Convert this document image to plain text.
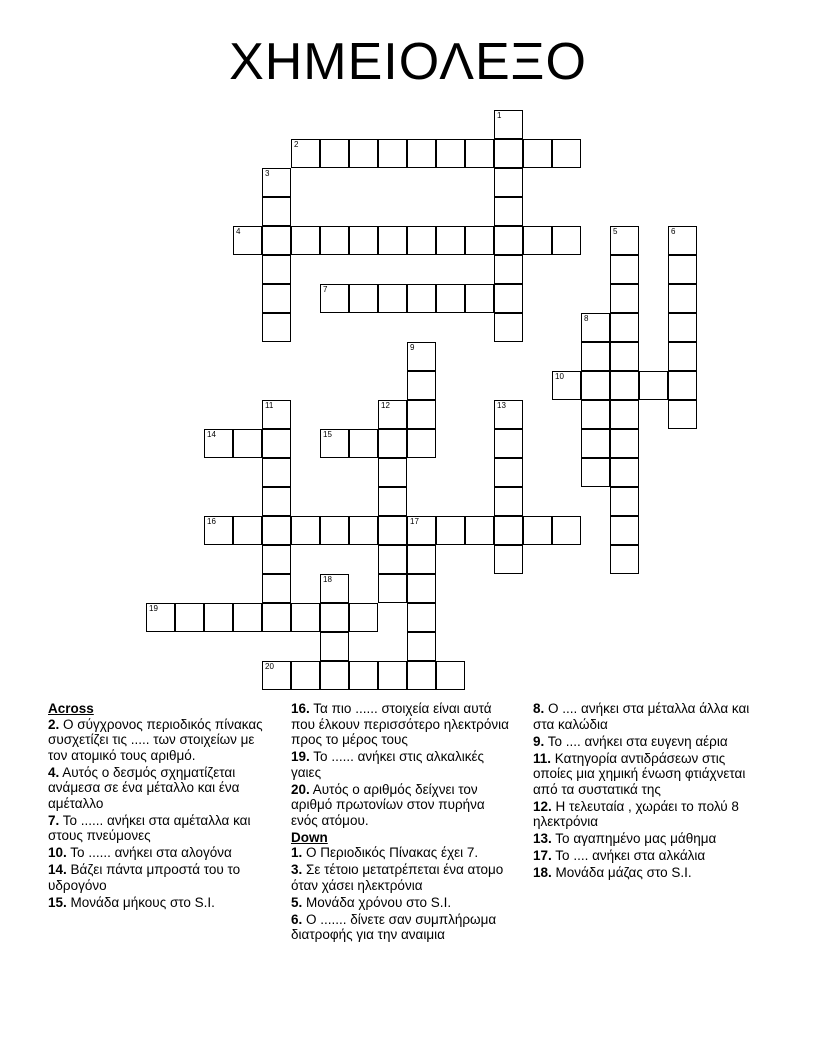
ΧΗΜΕΙΟΛΕΞΟ
1
2
3
4	5	6
7
8
9
10
11	12	13
14	15
16	17
18
19
20
Across
2. Ο σύγχρονος περιοδικός πίνακας συσχετίζει τις ..... των στοιχείων με τον ατομικό τους αριθμό.
4. Αυτός ο δεσμός σχηματίζεται ανάμεσα σε ένα μέταλλο και ένα αμέταλλο
7. Το ...... ανήκει στα αμέταλλα και στους πνεύμονες
10. Το ...... ανήκει στα αλογόνα
14. Βάζει πάντα μπροστά του το υδρογόνο
15. Μονάδα μήκους στο S.I.
16. Τα πιο ...... στοιχεία είναι αυτά που έλκουν περισσότερο ηλεκτρόνια προς το μέρος τους
19. Το ...... ανήκει στις αλκαλικές γαιες
20. Αυτός ο αριθμός δείχνει τον αριθμό πρωτονίων στον πυρήνα ενός ατόμου.
Down
1. Ο Περιοδικός Πίνακας έχει 7.
3. Σε τέτοιο μετατρέπεται ένα ατομο όταν χάσει ηλεκτρόνια
5. Μονάδα χρόνου στο S.I.
6. Ο ....... δίνετε σαν συμπλήρωμα διατροφής για την αναιμια
8. Ο .... ανήκει στα μέταλλα άλλα και στα καλώδια
9. Το .... ανήκει στα ευγενη αέρια
11. Κατηγορία αντιδράσεων στις οποίες μια χημική ένωση φτιάχνεται από τα συστατικά της
12. Η τελευταία , χωράει το πολύ 8 ηλεκτρόνια
13. Το αγαπημένο μας μάθημα
17. Το .... ανήκει στα αλκάλια
18. Μονάδα μάζας στο S.I.
